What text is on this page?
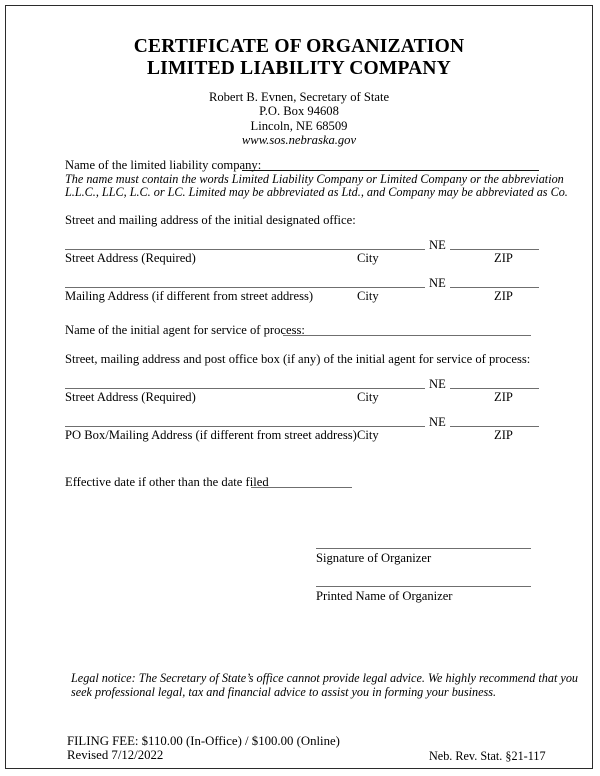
CERTIFICATE OF ORGANIZATION
LIMITED LIABILITY COMPANY
Robert B. Evnen, Secretary of State
P.O. Box 94608
Lincoln, NE 68509
www.sos.nebraska.gov
Name of the limited liability company:
The name must contain the words Limited Liability Company or Limited Company or the abbreviation
L.L.C., LLC, L.C. or LC. Limited may be abbreviated as Ltd., and Company may be abbreviated as Co.
Street and mailing address of the initial designated office:
NE
Street Address (Required)	City	ZIP
NE
Mailing Address (if different from street address)	City	ZIP
Name of the initial agent for service of process:
Street, mailing address and post office box (if any) of the initial agent for service of process:
NE
Street Address (Required)	City	ZIP
NE
PO Box/Mailing Address (if different from street address) City	ZIP
Effective date if other than the date filed
Signature of Organizer
Printed Name of Organizer
Legal notice: The Secretary of State’s office cannot provide legal advice. We highly recommend that you
seek professional legal, tax and financial advice to assist you in forming your business.
FILING FEE: $110.00 (In-Office) / $100.00 (Online)
Revised 7/12/2022	Neb. Rev. Stat. §21-117
